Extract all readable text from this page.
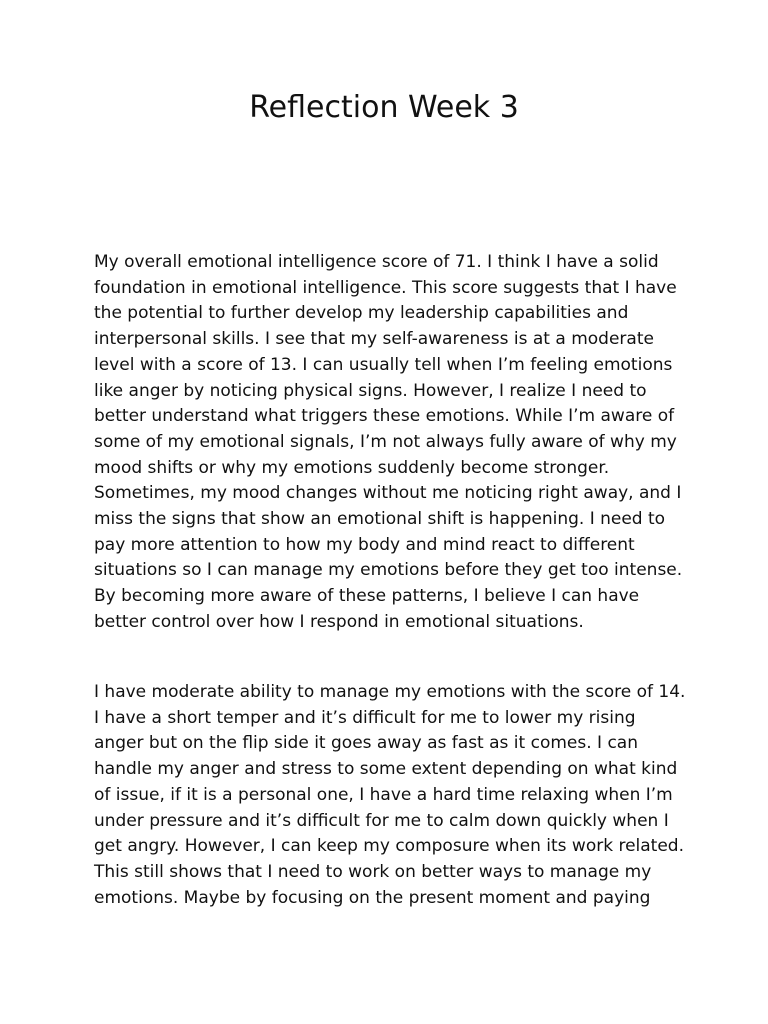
Reflection Week 3
My overall emotional intelligence score of 71. I think I have a solid
foundation in emotional intelligence. This score suggests that I have
the potential to further develop my leadership capabilities and
interpersonal skills. I see that my self-awareness is at a moderate
level with a score of 13. I can usually tell when I’m feeling emotions
like anger by noticing physical signs. However, I realize I need to
better understand what triggers these emotions. While I’m aware of
some of my emotional signals, I’m not always fully aware of why my
mood shifts or why my emotions suddenly become stronger.
Sometimes, my mood changes without me noticing right away, and I
miss the signs that show an emotional shift is happening. I need to
pay more attention to how my body and mind react to different
situations so I can manage my emotions before they get too intense.
By becoming more aware of these patterns, I believe I can have
better control over how I respond in emotional situations.
I have moderate ability to manage my emotions with the score of 14.
I have a short temper and it’s difficult for me to lower my rising
anger but on the flip side it goes away as fast as it comes. I can
handle my anger and stress to some extent depending on what kind
of issue, if it is a personal one, I have a hard time relaxing when I’m
under pressure and it’s difficult for me to calm down quickly when I
get angry. However, I can keep my composure when its work related.
This still shows that I need to work on better ways to manage my
emotions. Maybe by focusing on the present moment and paying
